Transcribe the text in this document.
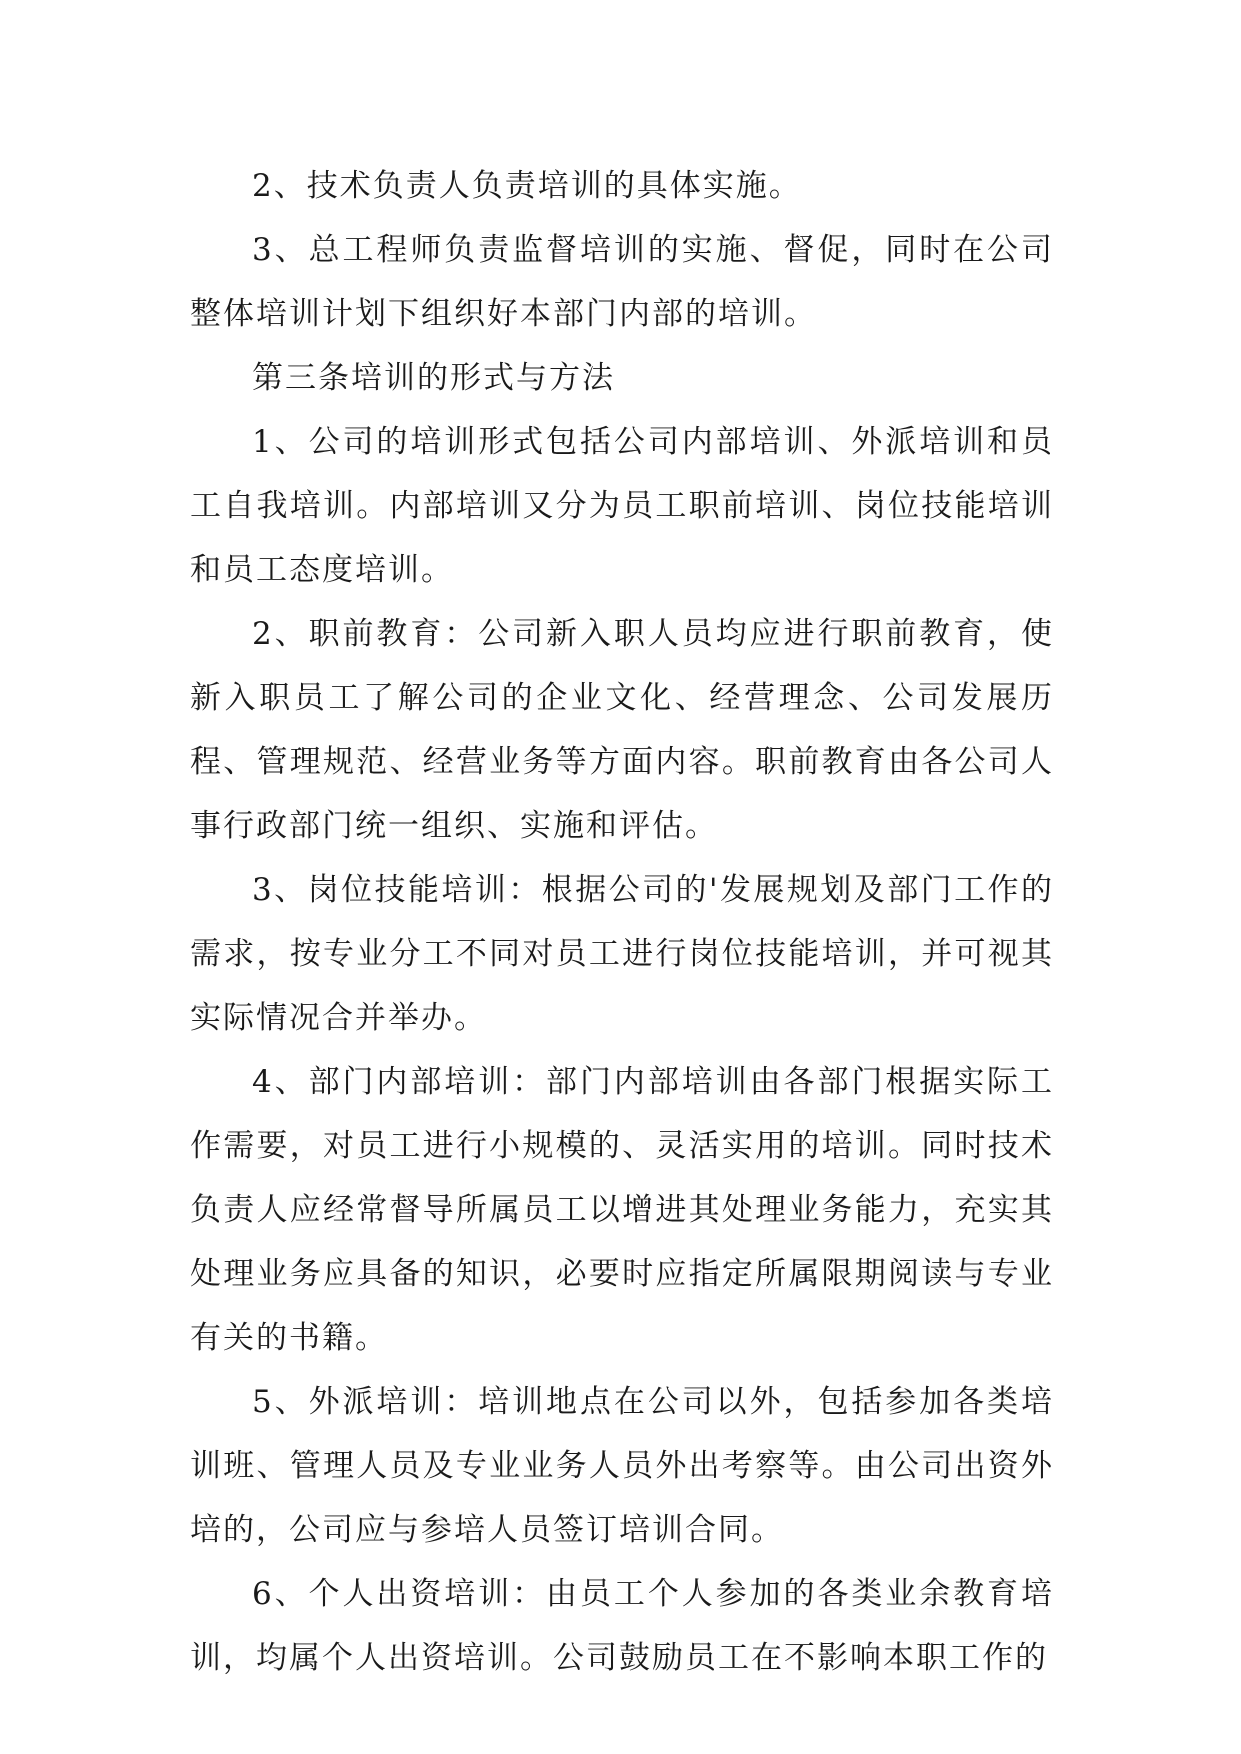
2、技术负责人负责培训的具体实施。

3、总工程师负责监督培训的实施、督促，同时在公司整体培训计划下组织好本部门内部的培训。

第三条培训的形式与方法

1、公司的培训形式包括公司内部培训、外派培训和员工自我培训。内部培训又分为员工职前培训、岗位技能培训和员工态度培训。

2、职前教育：公司新入职人员均应进行职前教育，使新入职员工了解公司的企业文化、经营理念、公司发展历程、管理规范、经营业务等方面内容。职前教育由各公司人事行政部门统一组织、实施和评估。

3、岗位技能培训：根据公司的'发展规划及部门工作的需求，按专业分工不同对员工进行岗位技能培训，并可视其实际情况合并举办。

4、部门内部培训：部门内部培训由各部门根据实际工作需要，对员工进行小规模的、灵活实用的培训。同时技术负责人应经常督导所属员工以增进其处理业务能力，充实其处理业务应具备的知识，必要时应指定所属限期阅读与专业有关的书籍。

5、外派培训：培训地点在公司以外，包括参加各类培训班、管理人员及专业业务人员外出考察等。由公司出资外培的，公司应与参培人员签订培训合同。

6、个人出资培训：由员工个人参加的各类业余教育培训，均属个人出资培训。公司鼓励员工在不影响本职工作的
